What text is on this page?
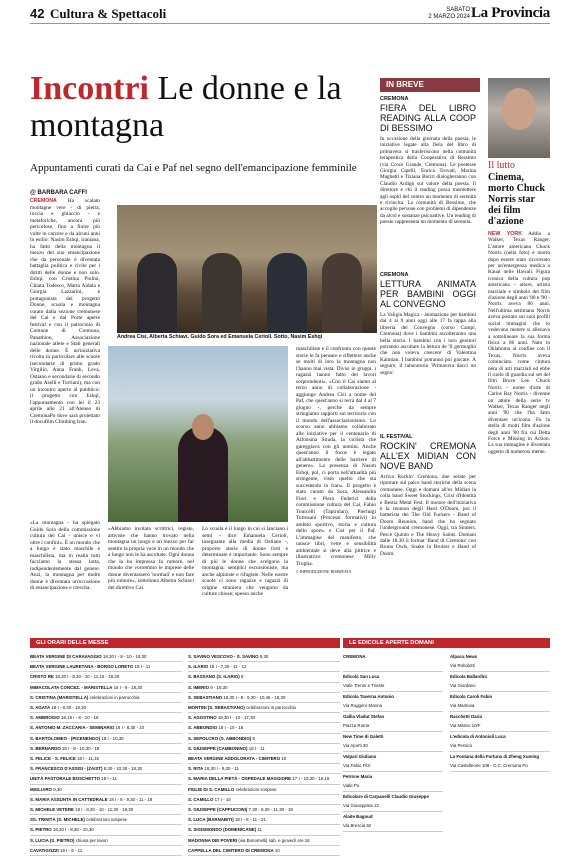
42 Cultura & Spettacoli	SABATO
2 MARZO 2024 La Provincia
Incontri Le donne e la montagna
Appuntamenti curati da Cai e Paf nel segno dell'emancipazione femminile
@ BARBARA CAFFI
Andrea Cisi, Alberta Schiavi, Guido Sora ed Emanuela Cerioli. Sotto, Nasim Eshqi
CREMONA Ha scalato montagne vere - di pietra, roccia e ghiaccio - e metaforiche, ancora più pericolose, fino a finire più volte in carcere e da alcuni anni in esilio: Nasim Eshqi, iraniana, ha fatto della montagna il mezzo del suo emancipazione che da personale è diventata battaglia politica e civile per i diritti delle donne e non solo. Eshqi, con Cristina Piolini, Chiara Todesco, Marta Aidala e Giorgia Lazzarini, è protagonista del progetto Donne, scuola e montagna curato dalla sezione cremonese del Cai e dal Porte aperte festival e con il patrocinio di Comune di Cremona, Panathlon, Associazione nazionale atlete e Stati generali delle donne. È un'iniziativa rivolta in particolare alle scuole (secondarie di primo grado Virgilio, Anna Frank, Leva, Ostiano e secondarie di secondo grado Aselli e Torriani), ma con un incontro aperto al pubblico: il progetto con Eshqi, l'appuntamento con lei il 23 aprile alle 21 all'Ateneo di CremonaPo dove sarà proiettato il docufilm Climbing Iran.
«La montagna - ha spiegato Guido Sora della commissione cultura del Cai - unisce e vi oltre i confini». È un mondo che a lungo è stato maschile e maschilista, ma in realtà tutti facciamo la stessa lotta, indipendentemente dal genere. Anzi, la montagna per molte donne è diventata un'occasione di emancipazione e crescita.
«Abbiamo invitato scrittrici, registe, attiviste che hanno trovato nella montagna un luogo e un mezzo per far sentire la propria voce in un mondo che a lungo non le ha ascoltate. Ogni donna che la ha impressa fa rumore, nel mondo che vorremmo le imprese delle donne diventassero 'normali' e non fare più rumore», sottolinea Alberta Schiavi del direttivo Cai.
Lo scuola è il luogo in cui si lanciano i semi - dice Emanuela Cerioli, insegnante alla media di Ostiano -, proporre storie di donne forti e determinate è importante. Sono sempre di più le donne che scelgono la montagna: semplici escursioniste, ma anche alpiniste e rifugiste. Nelle nostre scuole ci sono ragazze e ragazzi di origine straniera che vengono da culture chiuse; spesso anche
maschiliste e il confronto con queste storie le fa pensare e riflettere anche se molti di loro la montagna non l'hanno mai vista. Divisi in gruppi, i ragazzi hanno fatto dei lavori sorprendenti». «Con il Cai siamo al terzo anno di collaborazione - aggiunge Andrea Cisi a nome del Paf, che quest'anno si terrà dal 4 al 7 giugno -, perché da sempre stringiamo rapporti sul territorio con il mondo dell'associazionismo. Lo scorso anno abbiamo collaborato alle iniziative per il centenario di Alfonsina Strada, la ciclista che gareggiava con gli uomini. Anche quest'anno il focus è legato all'abbattimento delle barriere di genere». La presenza di Nasim Eshqi, poi, ci porta nell'attualità più stringente, visto quello che sta succedendo in Iran». Il progetto è stato curato da Sora, Alessandra Fiori e Piera Federici della commissione cultura del Cai, Fabio Tonicelli (Tapirulan), Pierluigi Torresani (Processi formativi) in ambito sportivo, storia e cultura dello sport» e Cisi per il Paf. L'immagine del manifesto, che unisce libri, vette e sensibilità ambientale si deve alla pittrice e illustratrice cremonese Milly Truglia.
© RIPRODUZIONE RISERVATA
IN BREVE
CREMONA
FIERA DEL LIBRO READING ALLA COOP DI BESSIMO
In occasione della giornata della poesia, le iniziative legate alla fiera del libro di primavera si trasferiscono nella comunità terapeutica della Cooperativa di Bessimo (via Croce Grande, Cremona). Le poetesse Giorgia Cipelli, Enrica Trovati, Marina Maghetti e Tiziana Boriri dialogheranno con Claudio Ardigò sul valore della poesia. Il direttore e chi il reading possa trasmettere agli ospiti del centro un momento di serenità e rivincita. La comunità di Bessimo, che accoglie persone con problemi di dipendenze da alcol e sostanze psicoattive. Un reading di poesie rappresenta un momento di serenità.
CREMONA
LETTURA ANIMATA PER BAMBINI OGGI AL CONVEGNO
La Valigia Magica - animazione per bambini dai 4 ai 9 anni oggi alle 17 fa tappa alla libreria del Convegno (corso Campi, Cremona) dove i bambini ascolteranno una bella storia. I bambini con i loro genitori potranno ascoltare la lettura de 'Il germoglio che non voleva crescere' di Valentina Kalmian. I bambini potranno poi giocare. A seguire, il laboratorio 'Primavera dacci un segno'.
IL FESTIVAL
ROCKIN' CREMONA ALL'EX MIDIAN CON NOVE BAND
Arriva Rockin' Cremona, due serate per riportare sul palco band storiche della scena cremonese. Oggi e domani all'ex Midian la colla band Sweet Stockings, Crisi d'Identità e Bestia Metal Fest. Il motore dell'iniziativa è la reunion degli Hard O'Doom, poi il batterista dei The Old Fuckers - Band of Doom Reunion, band che ha segnato l'underground cremonese. Oggi, tra Sinners, Pesce Quinto e The Heavy Saints. Domani dalle 18.30 il format 'Band di Cremona' con Bruno Owls, Snake in Bruiser e Hand of Doom.
Il lutto
Cinema, morto Chuck Norris star dei film d'azione
NEW YORK Addio a Walker, Texas Ranger. L'attore americano Chuck Norris (nella foto) è morto dopo essere stato ricoverato per un'emergenza medica a Kauai nelle Hawaii. Figura iconica della cultura pop americana - attore, artista marziale e simbolo dei film d'azione degli anni '80 e '90 - Norris aveva 86 anni. Nell'ultima settimana Norris aveva postato sui suoi profili social immagini che lo vedevano mentre si allenava a sottolineare la sua forma fisica a 86 anni. Nato in Oklahoma al confine con il Texas, Norris aveva cominciato come cintura nera di arti marziali ed ebbe il ruolo di guardia sul set del film Bruce Lee. Chuck Norris - nome d'arte di Carlos Ray Norris - divenne un attore della serie tv Walker, Texas Ranger negli anni '90 che l'ha fatto diventare un'icona. Fu la stella di molti film d'azione degli anni '80 fra cui Delta Force e Missing in Action. La sua immagine è diventata oggetto di numerosi meme.
GLI ORARI DELLE MESSE	LE EDICOLE APERTE DOMANI
BEATA VERGINE DI CARAVAGGIO 18,30 I - 8 - 10 - 18,30
BEATA VERGINE LAURETANA - BORGO LORETO 18 I - 11
CRISTO RE 18,30 I - 8,30 - 10 - 11,15 - 18,30
IMMACOLATA CONCEZ. - MARISTELLA 18 I - 9 - 18,30
S. CRISTINA (MARISTELLA) celebrazioni in parrocchia
S. AGATA 18 I - 8,30 - 18,30
S. AMBROGIO 18,15 I - 8 - 10 - 18
S. ANTONIO M. ZACCARIA - SEMINARIO 18 I - 8,30 - 10
S. BARTOLOMEO - (PICENENGO) 18 I - 10,30
S. BERNARDO 18 I - 8 - 10,30 - 18
S. FELICE - S. FELICE 18 I - 11,15
S. FRANCESCO D'ASSISI - (ZAIST) 8,30 - 10,30 - 18,30
UNITÀ PASTORALE BOSCHETTO 18 I - 11
MIGLIARO 9,30
S. MARIA ASSUNTA IN CATTEDRALE 18 I - 8 - 9,30 - 11 - 18
S. MICHELE VETERE 18 I - 8,30 - 10 - 11,30 - 18,30
SS. TRINITÀ (S. MICHELE) celebrazioni sospese
S. PIETRO 18,30 I - 8,30 - 10,30
S. LUCIA (S. PIETRO) chiusa per lavori
CAVATIGOZZI 18 I - 9 - 11
S. SAVINO VESCOVO - S. SAVINO 9,30
S. ILARIO 18 I - 7,30 - 11 - 12
S. BASSANO (S. ILARIO) 9
S. IMERIO 9 - 18,30
S. SEBASTIANO 18,30 I - 8 - 9,30 - 10,45 - 18,30
MORTINI (S. SEBASTIANO) celebrazioni in parrocchia
S. AGOSTINO 18,30 I - 10 - 17,30
S. ABBONDIO 18 I - 10 - 18
S. SEPOLCRO (S. ABBONDIO) 8
S. GIUSEPPE (CAMBONINO) 18 I - 11
BEATA VERGINE ADDOLORATA - CIMITERO 10
S. RITA 18,30 I - 9,30 - 11
S. MARIA DELLA PIETÀ - OSPEDALE MAGGIORE 17 I - 10,30 - 16,15
FIGLIE DI S. CAMILLO celebrazioni sospese
S. CAMILLO 17 I - 10
S. GIUSEPPE (CAPPUCCINI) 7,30 - 9,30 - 11,30 - 18
S. LUCA (BARNABITI) 18 I - 8 - 11 - 21
S. SIGISMONDO (DOMENICANE) 11
MADONNA DEI POVERI (via Bonomelli) sab. e giovedì ore 16
CAPPELLA DEL CIMITERO DI CREMONA 10
CREMONA
Edicola San Luca
Viale Trento e Trieste
Edicola Taverna Antonio
Via Ruggero Manna
Gallia Vladut Stefan
Piazza Roma
New Time di Galetti
Via Aporti 30
Volpari Giuliano
Via Fabio Filzi
Petrone Maria
Viale Po
Edicolare di Carpanelli Claudio Giuseppe
Via Giuseppina 12
Alaite Bagoud
Via Brescia 92
Alpaca News
Via Robolotti
Edicola Ballardini
Via Giordano
Edicola Caroli Fabio
Via Mantova
Racchetti Daria
Via Milano 10/F
L'edicola di Antonioli Luca
Via Persico
La Fontana della Fortuna di Zheng Xuming
Via Castelleone 108 - C.C. Cremona Po
